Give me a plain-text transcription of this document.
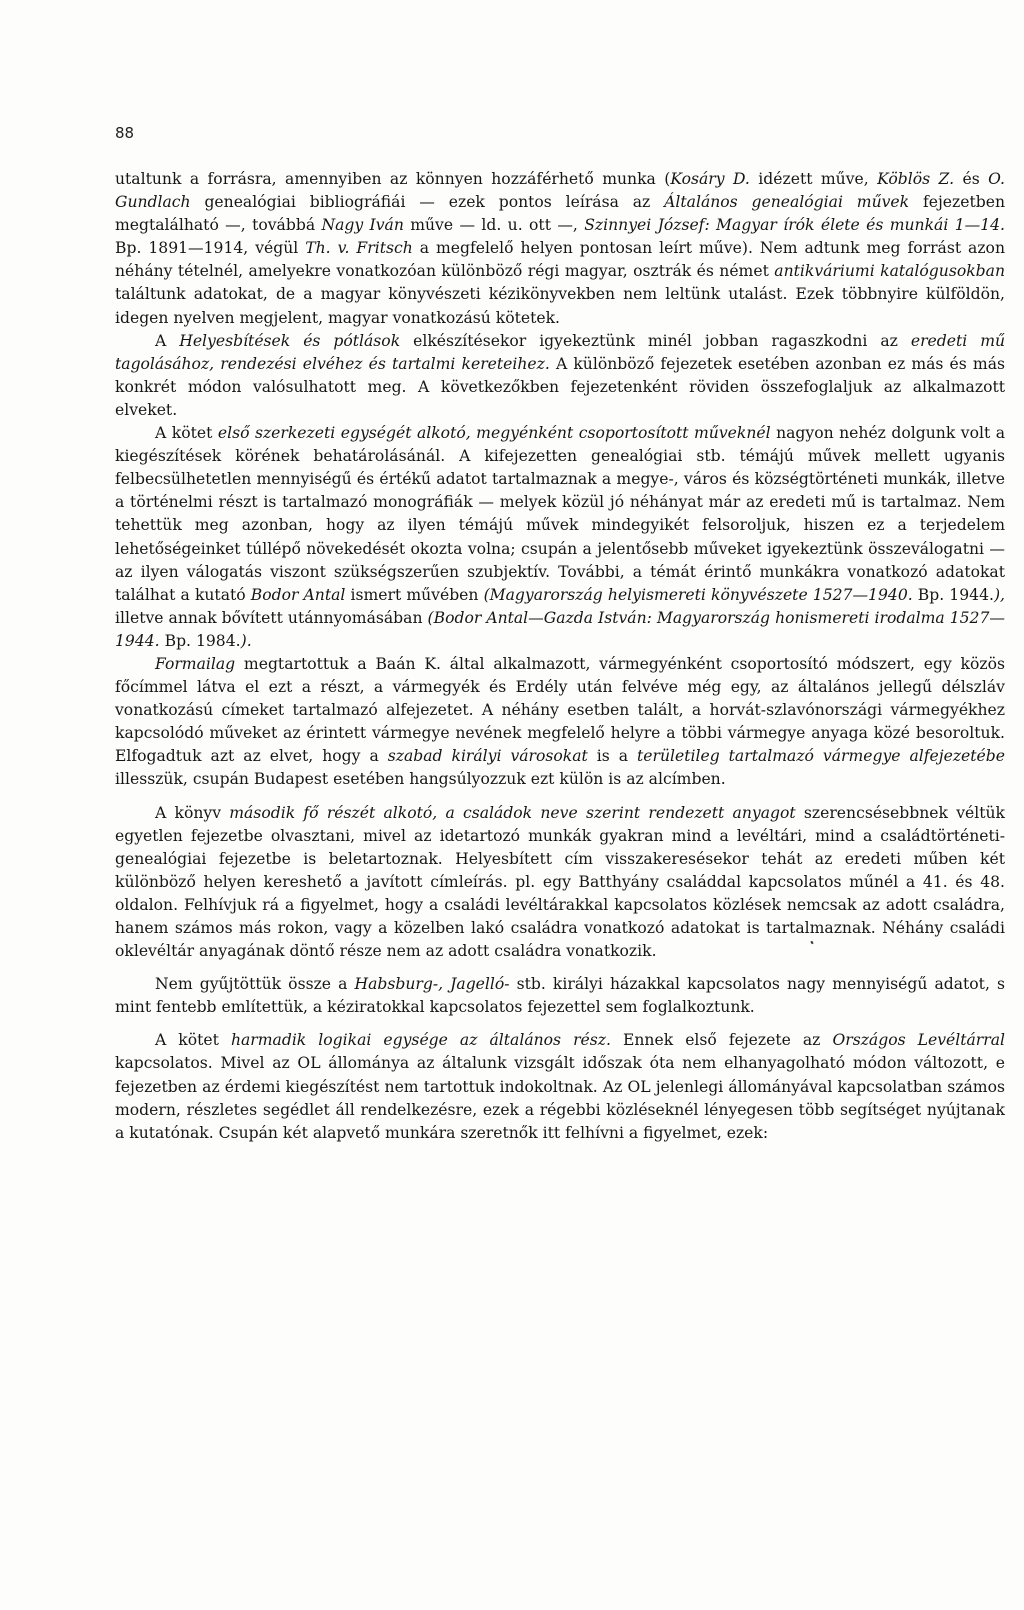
88

utaltunk a forrásra, amennyiben az könnyen hozzáférhető munka (Kosáry D. idézett műve, Köblös Z. és O. Gundlach genealógiai bibliográfiái — ezek pontos leírása az Általános genealógiai művek fejezetben megtalálható —, továbbá Nagy Iván műve — ld. u. ott —, Szinnyei József: Magyar írók élete és munkái 1—14. Bp. 1891—1914, végül Th. v. Fritsch a megfelelő helyen pontosan leírt műve). Nem adtunk meg forrást azon néhány tételnél, amelyekre vonatkozóan különböző régi magyar, osztrák és német antikváriumi katalógusokban találtunk adatokat, de a magyar könyvészeti kézikönyvekben nem leltünk utalást. Ezek többnyire külföldön, idegen nyelven megjelent, magyar vonatkozású kötetek.

A Helyesbítések és pótlások elkészítésekor igyekeztünk minél jobban ragaszkodni az eredeti mű tagolásához, rendezési elvéhez és tartalmi kereteihez. A különböző fejezetek esetében azonban ez más és más konkrét módon valósulhatott meg. A következőkben fejezetenként röviden összefoglaljuk az alkalmazott elveket.

A kötet első szerkezeti egységét alkotó, megyénként csoportosított műveknél nagyon nehéz dolgunk volt a kiegészítések körének behatárolásánál. A kifejezetten genealógiai stb. témájú művek mellett ugyanis felbecsülhetetlen mennyiségű és értékű adatot tartalmaznak a megye-, város és községtörténeti munkák, illetve a történelmi részt is tartalmazó monográfiák — melyek közül jó néhányat már az eredeti mű is tartalmaz. Nem tehettük meg azonban, hogy az ilyen témájú művek mindegyikét felsoroljuk, hiszen ez a terjedelem lehetőségeinket túllépő növekedését okozta volna; csupán a jelentősebb műveket igyekeztünk összeválogatni — az ilyen válogatás viszont szükségszerűen szubjektív. További, a témát érintő munkákra vonatkozó adatokat találhat a kutató Bodor Antal ismert művében (Magyarország helyismereti könyvészete 1527—1940. Bp. 1944.), illetve annak bővített utánnyomásában (Bodor Antal—Gazda István: Magyarország honismereti irodalma 1527—1944. Bp. 1984.).

Formailag megtartottuk a Baán K. által alkalmazott, vármegyénként csoportosító módszert, egy közös főcímmel látva el ezt a részt, a vármegyék és Erdély után felvéve még egy, az általános jellegű délszláv vonatkozású címeket tartalmazó alfejezetet. A néhány esetben talált, a horvát-szlavónországi vármegyékhez kapcsolódó műveket az érintett vármegye nevének megfelelő helyre a többi vármegye anyaga közé besoroltuk. Elfogadtuk azt az elvet, hogy a szabad királyi városokat is a területileg tartalmazó vármegye alfejezetébe illesszük, csupán Budapest esetében hangsúlyozzuk ezt külön is az alcímben.

A könyv második fő részét alkotó, a családok neve szerint rendezett anyagot szerencsésebbnek véltük egyetlen fejezetbe olvasztani, mivel az idetartozó munkák gyakran mind a levéltári, mind a családtörténeti-genealógiai fejezetbe is beletartoznak. Helyesbített cím visszakeresésekor tehát az eredeti műben két különböző helyen kereshető a javított címleírás. pl. egy Batthyány családdal kapcsolatos műnél a 41. és 48. oldalon. Felhívjuk rá a figyelmet, hogy a családi levéltárakkal kapcsolatos közlések nemcsak az adott családra, hanem számos más rokon, vagy a közelben lakó családra vonatkozó adatokat is tartalmaznak. Néhány családi oklevéltár anyagának döntő része nem az adott családra vonatkozik.

Nem gyűjtöttük össze a Habsburg-, Jagelló- stb. királyi házakkal kapcsolatos nagy mennyiségű adatot, s mint fentebb említettük, a kéziratokkal kapcsolatos fejezettel sem foglalkoztunk.

A kötet harmadik logikai egysége az általános rész. Ennek első fejezete az Országos Levéltárral kapcsolatos. Mivel az OL állománya az általunk vizsgált időszak óta nem elhanyagolható módon változott, e fejezetben az érdemi kiegészítést nem tartottuk indokoltnak. Az OL jelenlegi állományával kapcsolatban számos modern, részletes segédlet áll rendelkezésre, ezek a régebbi közléseknél lényegesen több segítséget nyújtanak a kutatónak. Csupán két alapvető munkára szeretnők itt felhívni a figyelmet, ezek:
